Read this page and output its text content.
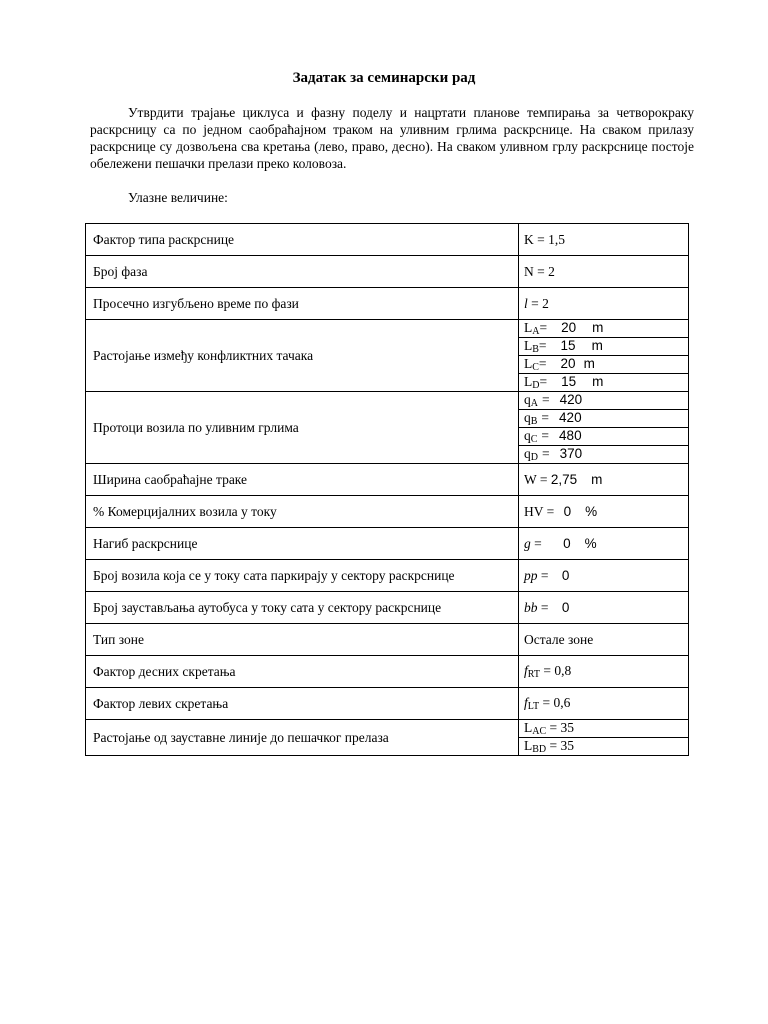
Задатак за семинарски рад
Утврдити трајање циклуса и фазну поделу и нацртати планове темпирања за четворокраку раскрсницу са по једном саобраћајном траком на уливним грлима раскрснице. На сваком прилазу раскрснице су дозвољена сва кретања (лево, право, десно). На сваком уливном грлу раскрснице постоје обележени пешачки прелази преко коловоза.
Улазне величине:
Фактор типа раскрснице	K = 1,5
Број фаза	N = 2
Просечно изгубљено време по фази	l = 2
Растојање између конфликтних тачака	$L_A= 20$ m
	$L_B= 15$ m
	$L_C= 20$ m
	$L_D= 15$ m
Протоци возила по уливним грлима	$q_A = 420$
	$q_B = 420$
	$q_C = 480$
	$q_D = 370$
Ширина саобраћајне траке	W = 2,75 m
% Комерцијалних возила у току	HV = 0 %
Нагиб раскрснице	g = 0 %
Број возила која се у току сата паркирају у сектору раскрснице	pp = 0
Број заустављања аутобуса у току сата у сектору раскрснице	bb = 0
Тип зоне	Остале зоне
Фактор десних скретања	$f_{RT} = 0,8$
Фактор левих скретања	$f_{LT} = 0,6$
Растојање од зауставне линије до пешачког прелаза	$L_{AC} = 35$
	$L_{BD} = 35$
